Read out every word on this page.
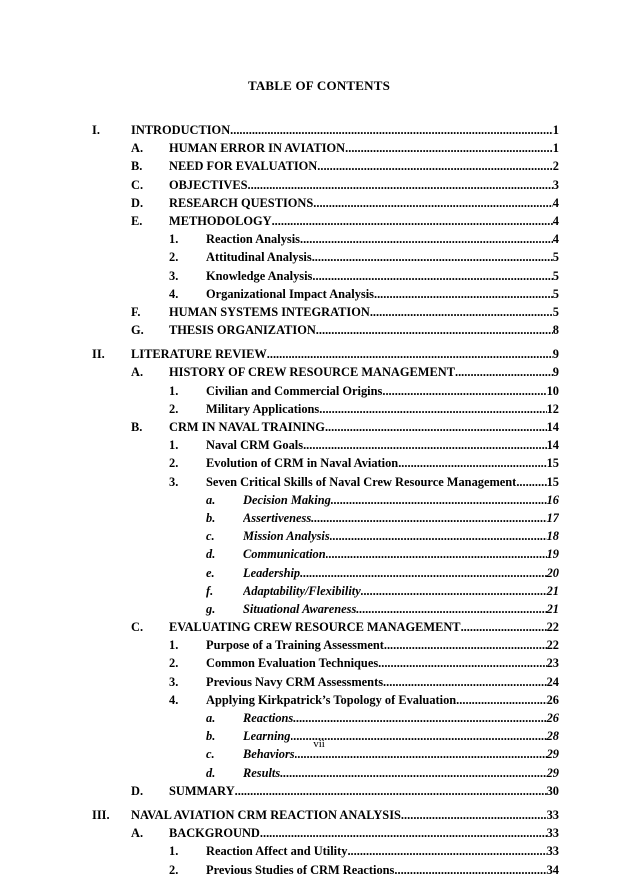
TABLE OF CONTENTS
I.	INTRODUCTION .....	1
A. HUMAN ERROR IN AVIATION .....	1
B. NEED FOR EVALUATION .....	2
C. OBJECTIVES .....	3
D. RESEARCH QUESTIONS .....	4
E. METHODOLOGY .....	4
1. Reaction Analysis .....	4
2. Attitudinal Analysis .....	5
3. Knowledge Analysis .....	5
4. Organizational Impact Analysis .....	5
F. HUMAN SYSTEMS INTEGRATION .....	5
G. THESIS ORGANIZATION .....	8
II. LITERATURE REVIEW .....	9
A. HISTORY OF CREW RESOURCE MANAGEMENT .....	9
1. Civilian and Commercial Origins .....	10
2. Military Applications .....	12
B. CRM IN NAVAL TRAINING .....	14
1. Naval CRM Goals .....	14
2. Evolution of CRM in Naval Aviation .....	15
3. Seven Critical Skills of Naval Crew Resource Management ..... 15
a. Decision Making .....	16
b. Assertiveness .....	17
c. Mission Analysis .....	18
d. Communication .....	19
e. Leadership .....	20
f. Adaptability/Flexibility .....	21
g. Situational Awareness .....	21
C. EVALUATING CREW RESOURCE MANAGEMENT .....	22
1. Purpose of a Training Assessment .....	22
2. Common Evaluation Techniques .....	23
3. Previous Navy CRM Assessments .....	24
4. Applying Kirkpatrick’s Topology of Evaluation .....	26
a. Reactions .....	26
b. Learning .....	28
c. Behaviors .....	29
d. Results .....	29
D. SUMMARY .....	30
III. NAVAL AVIATION CRM REACTION ANALYSIS .....	33
A. BACKGROUND .....	33
1. Reaction Affect and Utility .....	33
2. Previous Studies of CRM Reactions .....	34
vii
